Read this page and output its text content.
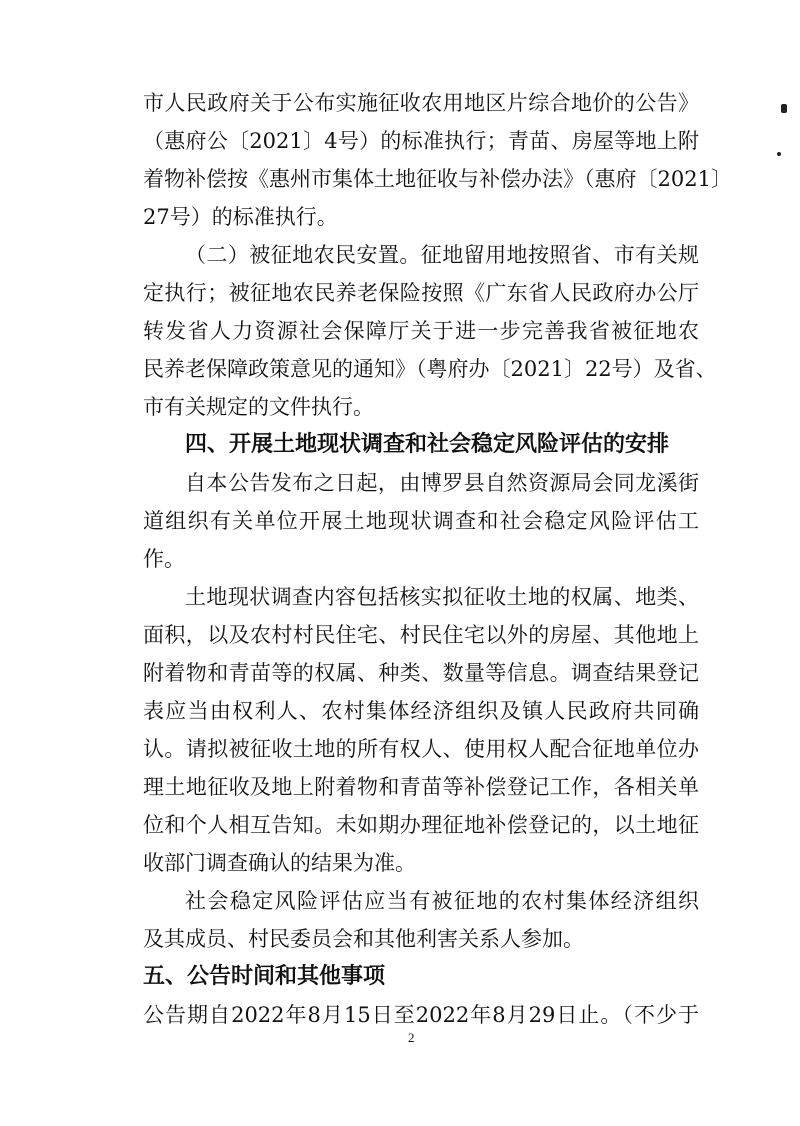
市人民政府关于公布实施征收农用地区片综合地价的公告》
（惠府公〔2021〕4号）的标准执行；青苗、房屋等地上附
着物补偿按《惠州市集体土地征收与补偿办法》（惠府〔2021〕
27号）的标准执行。
（二）被征地农民安置。征地留用地按照省、市有关规
定执行；被征地农民养老保险按照《广东省人民政府办公厅
转发省人力资源社会保障厅关于进一步完善我省被征地农
民养老保障政策意见的通知》（粤府办〔2021〕22号）及省、
市有关规定的文件执行。
四、开展土地现状调查和社会稳定风险评估的安排
自本公告发布之日起，由博罗县自然资源局会同龙溪街
道组织有关单位开展土地现状调查和社会稳定风险评估工
作。
土地现状调查内容包括核实拟征收土地的权属、地类、
面积，以及农村村民住宅、村民住宅以外的房屋、其他地上
附着物和青苗等的权属、种类、数量等信息。调查结果登记
表应当由权利人、农村集体经济组织及镇人民政府共同确
认。请拟被征收土地的所有权人、使用权人配合征地单位办
理土地征收及地上附着物和青苗等补偿登记工作，各相关单
位和个人相互告知。未如期办理征地补偿登记的，以土地征
收部门调查确认的结果为准。
社会稳定风险评估应当有被征地的农村集体经济组织
及其成员、村民委员会和其他利害关系人参加。
五、公告时间和其他事项
公告期自2022年8月15日至2022年8月29日止。（不少于
2
